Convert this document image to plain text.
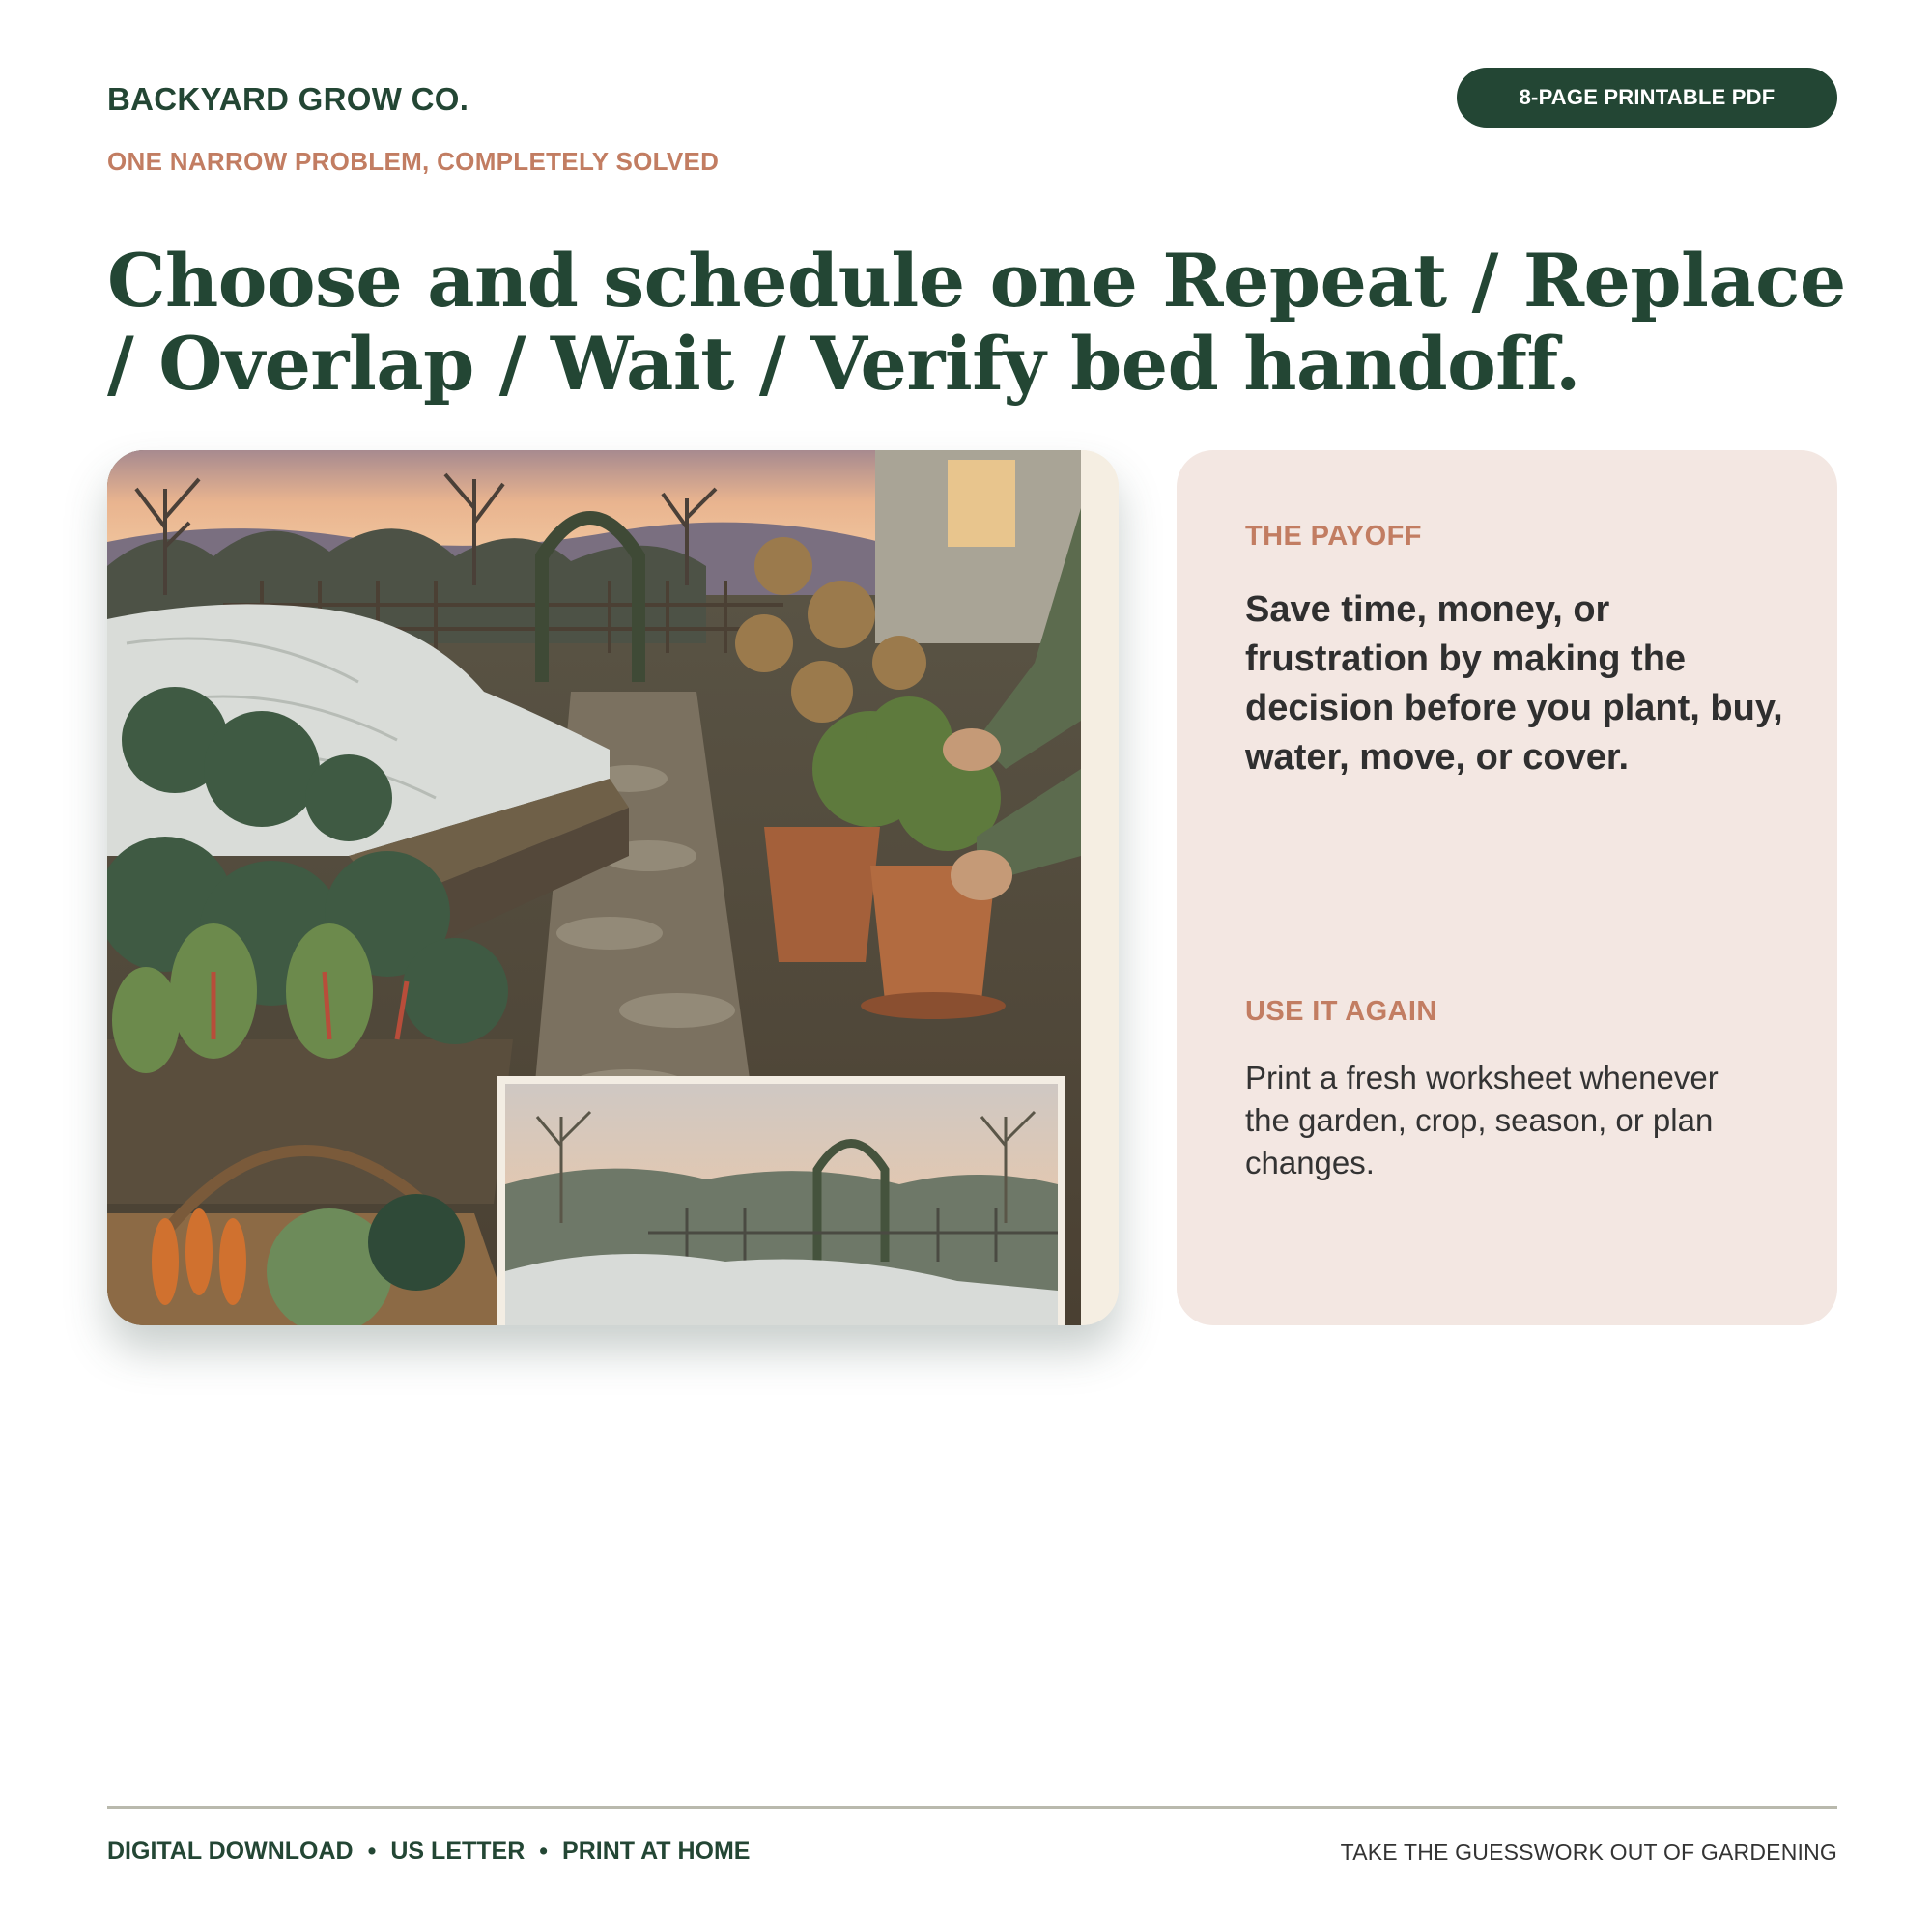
BACKYARD GROW CO.
ONE NARROW PROBLEM, COMPLETELY SOLVED
8-PAGE PRINTABLE PDF
Choose and schedule one Repeat / Replace / Overlap / Wait / Verify bed handoff.
THE PAYOFF

Save time, money, or frustration by making the decision before you plant, buy, water, move, or cover.

USE IT AGAIN

Print a fresh worksheet whenever the garden, crop, season, or plan changes.

DIGITAL DOWNLOAD • US LETTER • PRINT AT HOME	TAKE THE GUESSWORK OUT OF GARDENING
